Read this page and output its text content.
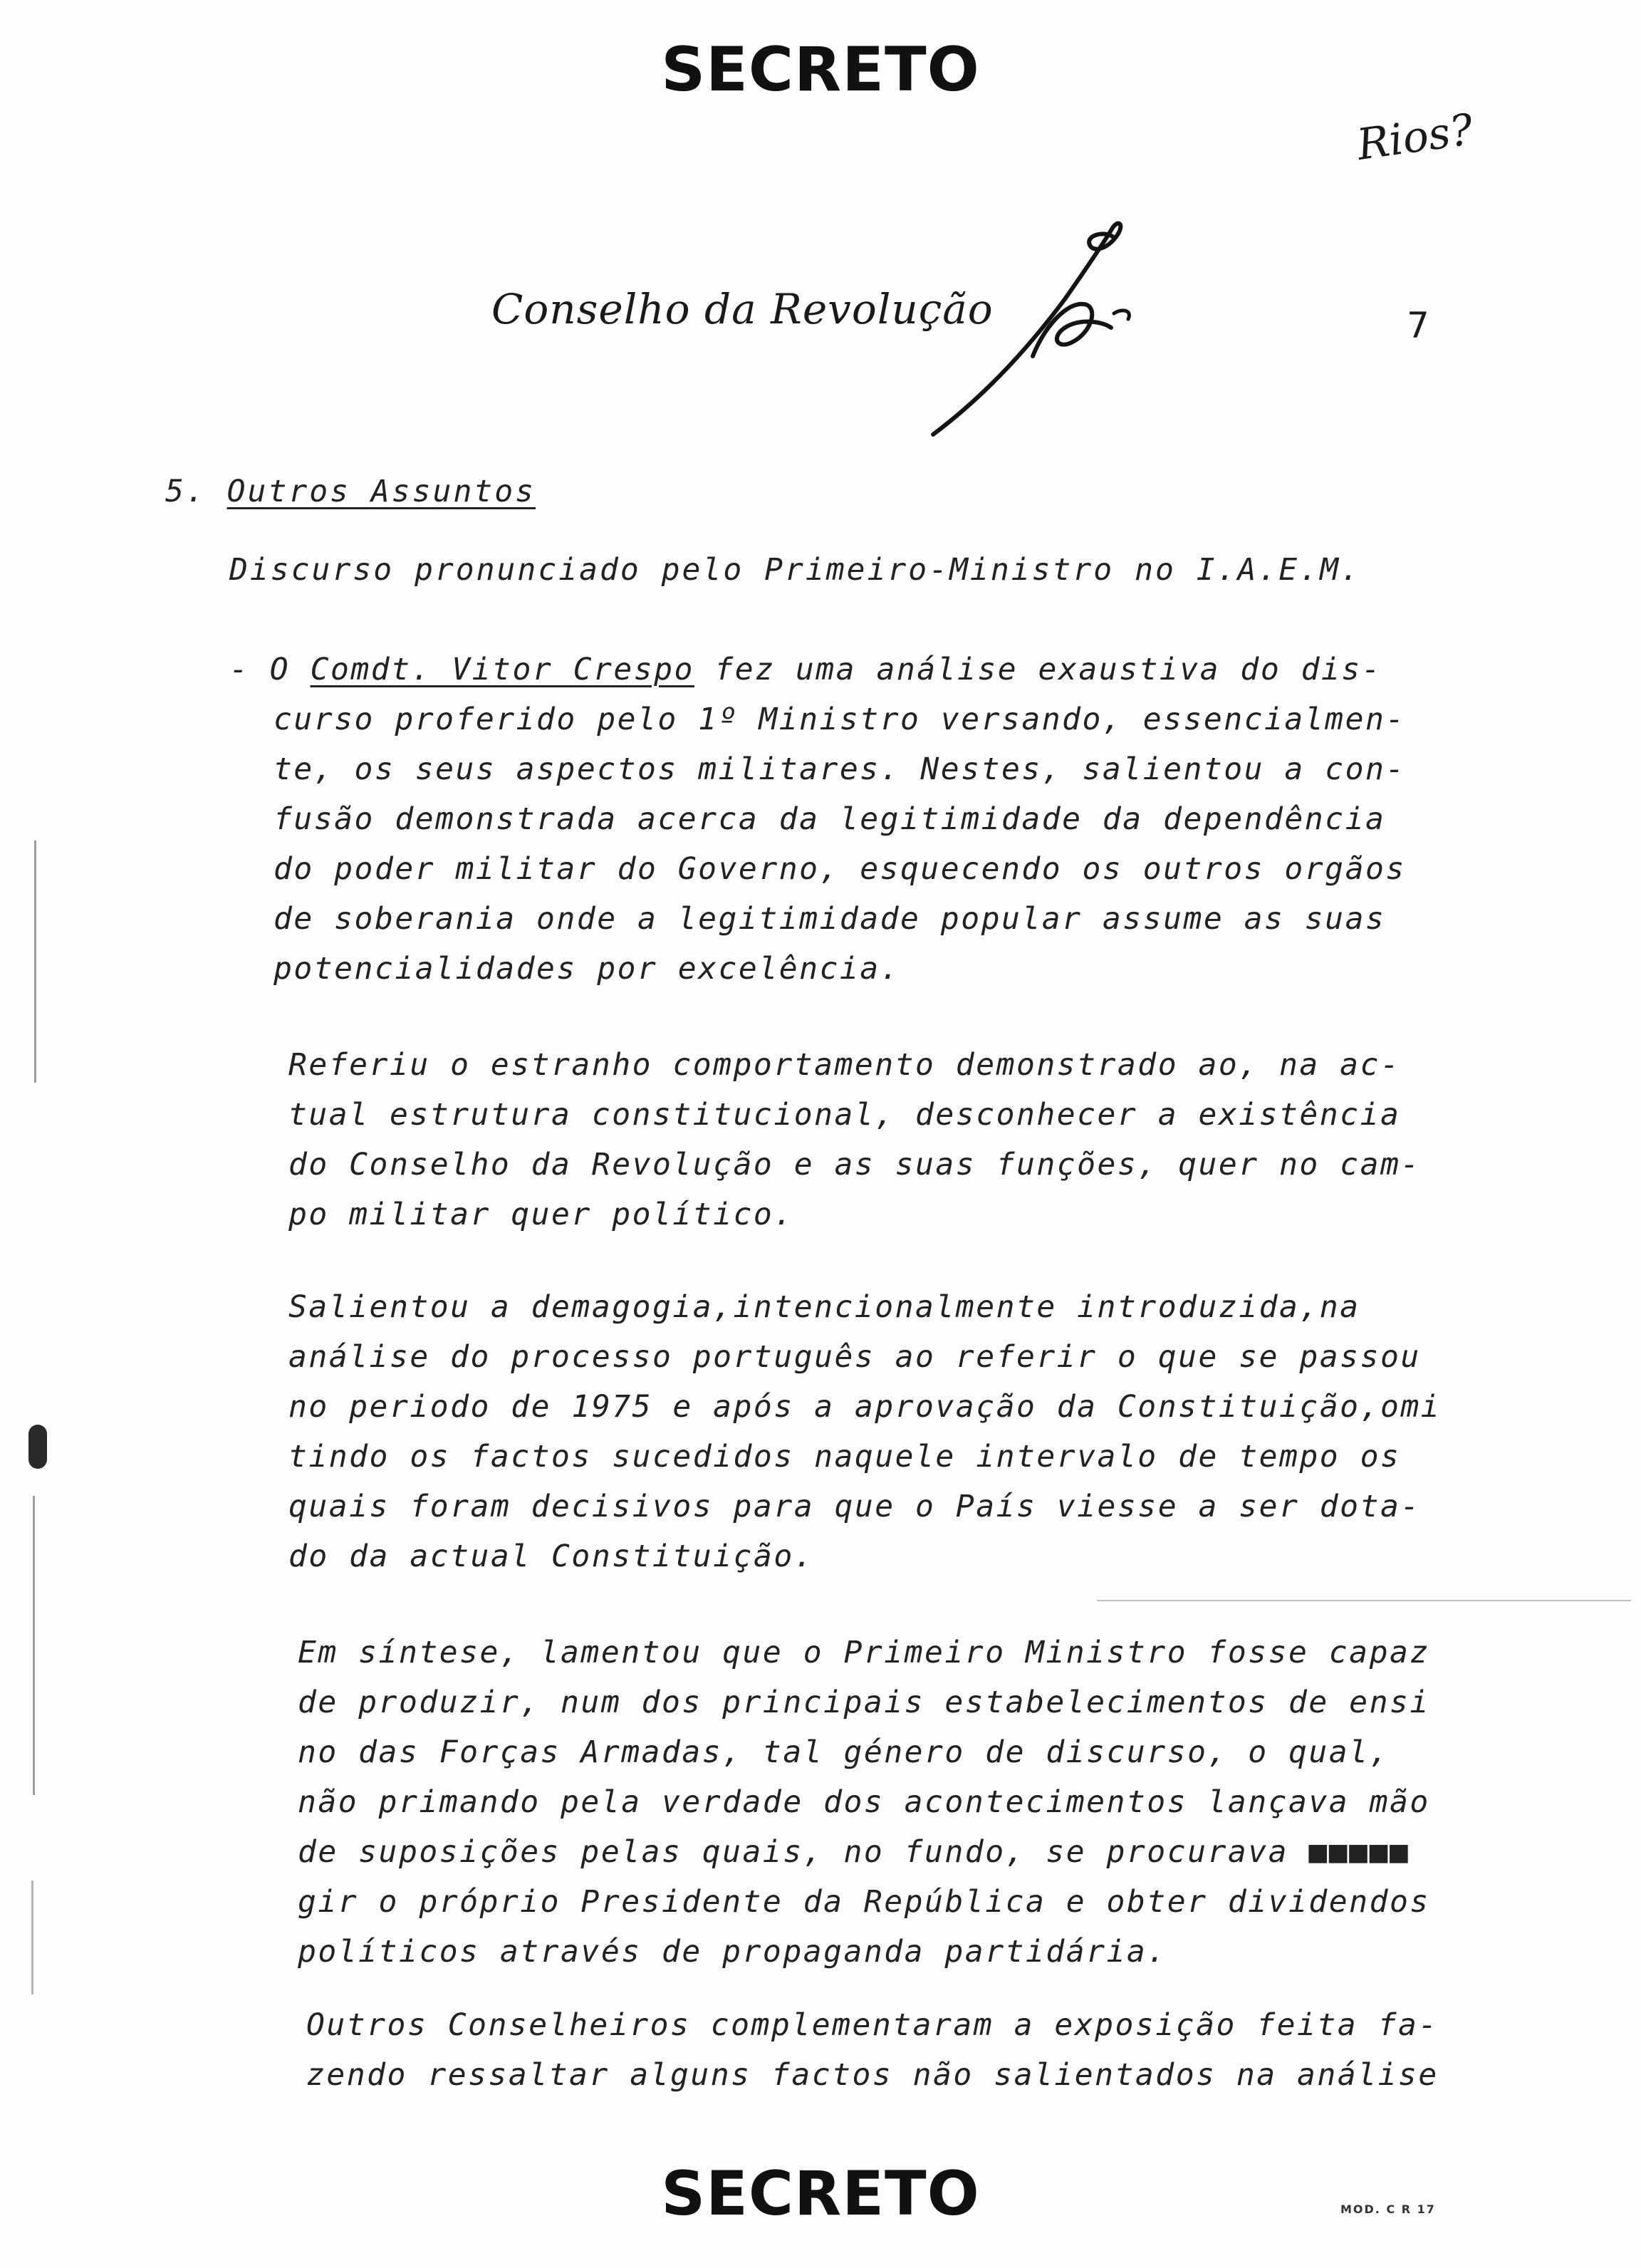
SECRETO
Rios?
Conselho da Revolução	7
5. Outros Assuntos
Discurso pronunciado pelo Primeiro-Ministro no I.A.E.M.
- O Comdt. Vitor Crespo fez uma análise exaustiva do dis-
curso proferido pelo 1º Ministro versando, essencialmen-
te, os seus aspectos militares. Nestes, salientou a con-
fusão demonstrada acerca da legitimidade da dependência
do poder militar do Governo, esquecendo os outros orgãos
de soberania onde a legitimidade popular assume as suas
potencialidades por excelência.
Referiu o estranho comportamento demonstrado ao, na ac-
tual estrutura constitucional, desconhecer a existência
do Conselho da Revolução e as suas funções, quer no cam-
po militar quer político.
Salientou a demagogia,intencionalmente introduzida,na
análise do processo português ao referir o que se passou
no periodo de 1975 e após a aprovação da Constituição,omi
tindo os factos sucedidos naquele intervalo de tempo os
quais foram decisivos para que o País viesse a ser dota-
do da actual Constituição.
Em síntese, lamentou que o Primeiro Ministro fosse capaz
de produzir, num dos principais estabelecimentos de ensi
no das Forças Armadas, tal género de discurso, o qual,
não primando pela verdade dos acontecimentos lançava mão
de suposições pelas quais, no fundo, se procurava ■■■■■
gir o próprio Presidente da República e obter dividendos
políticos através de propaganda partidária.
Outros Conselheiros complementaram a exposição feita fa-
zendo ressaltar alguns factos não salientados na análise
MOD. C R 17
SECRETO
